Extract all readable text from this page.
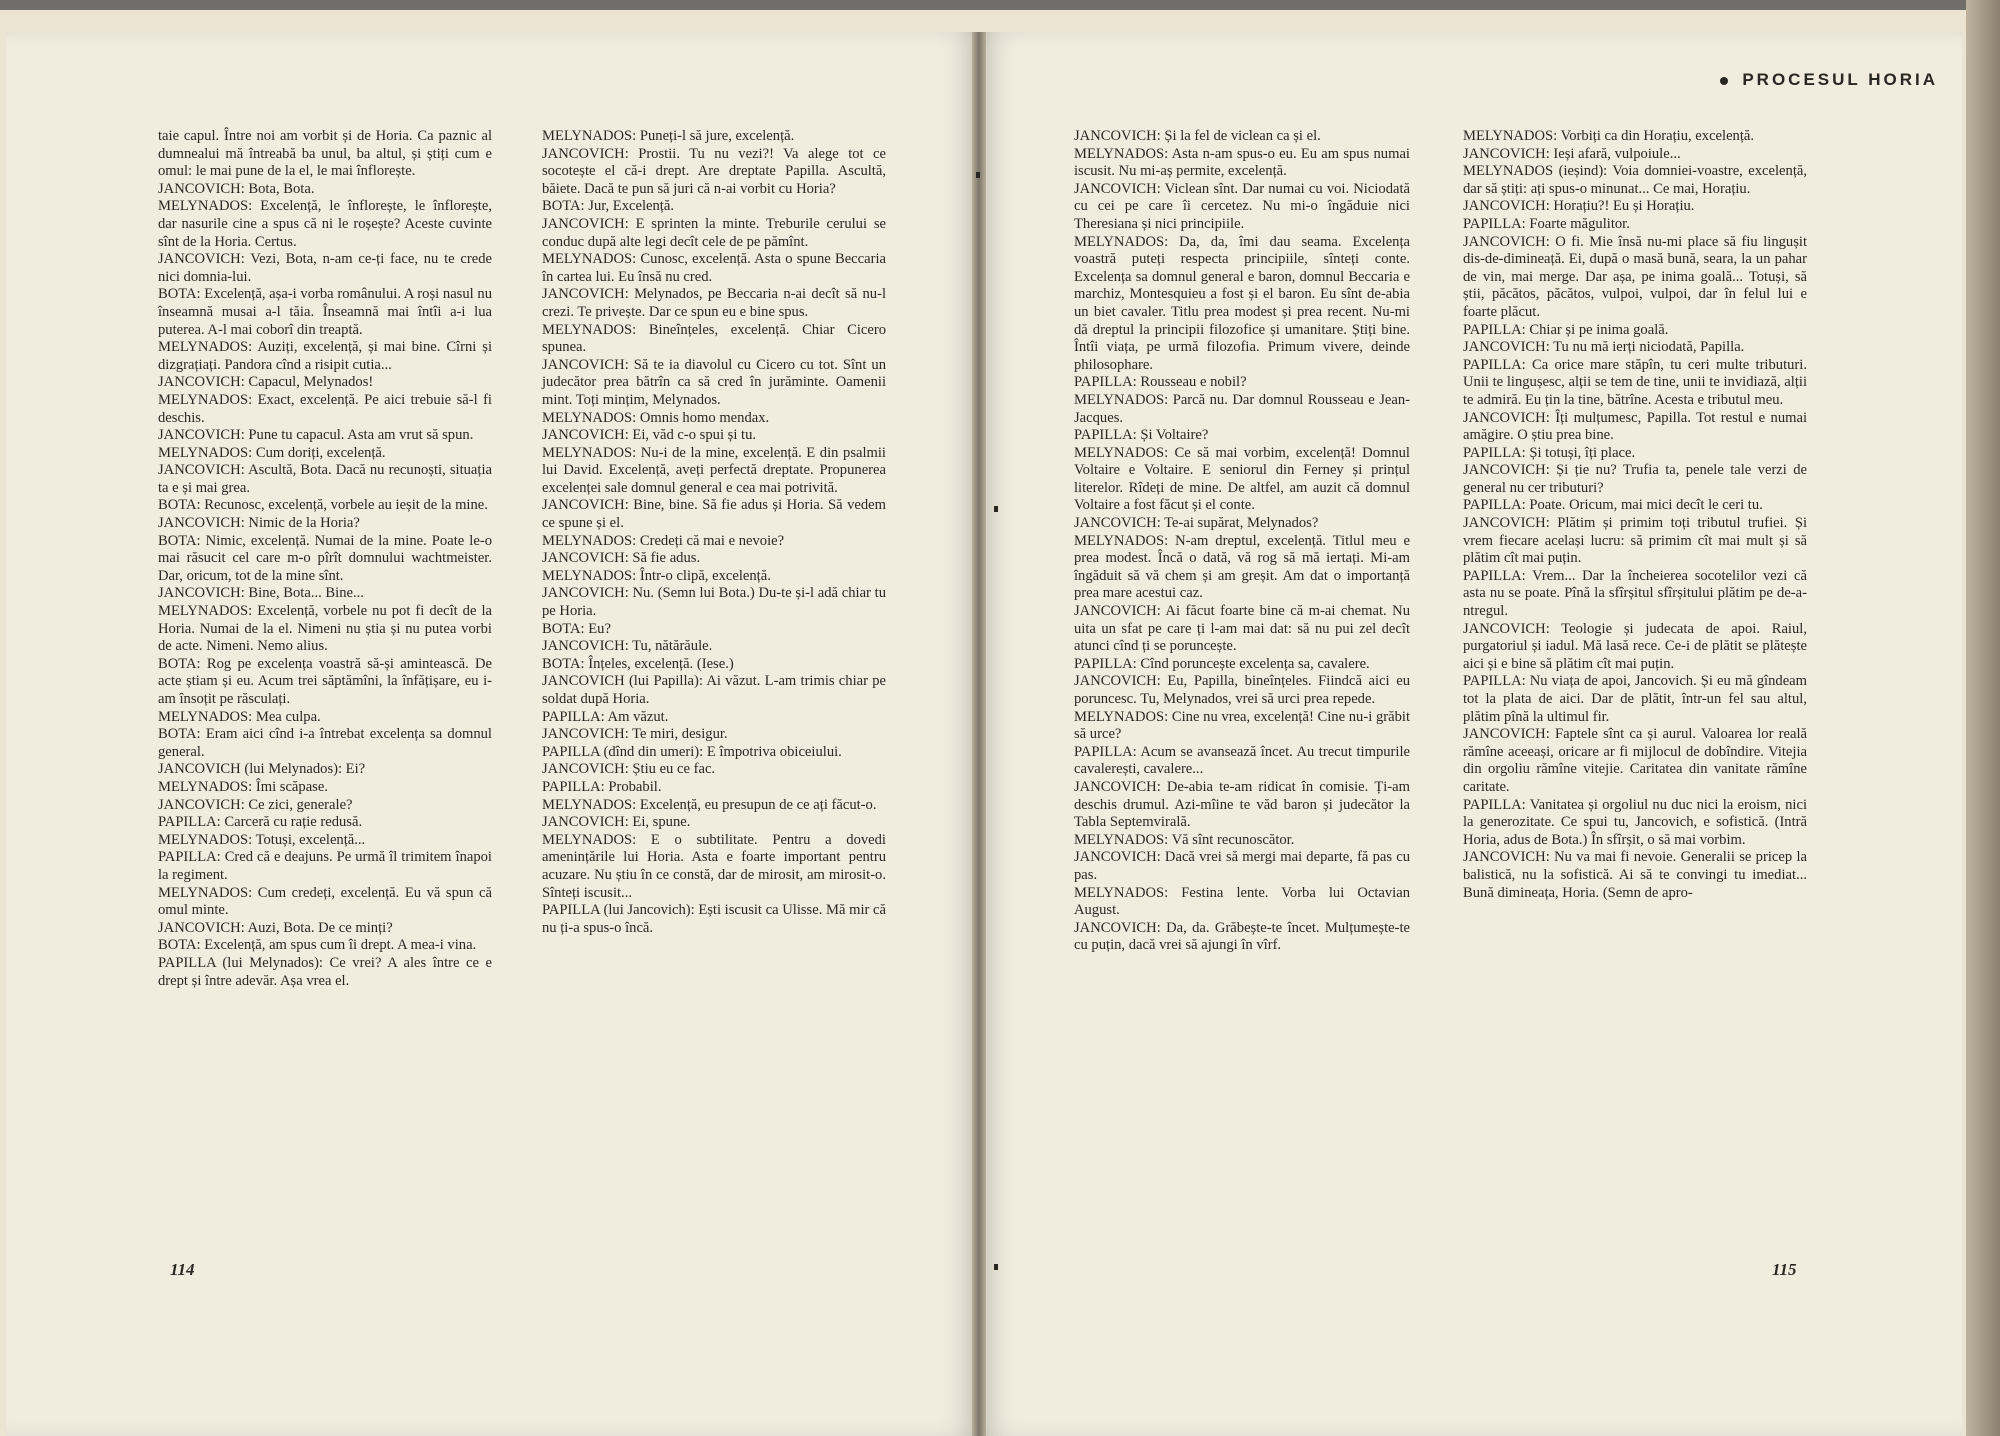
PROCESUL HORIA

taie capul. Între noi am vorbit și de Horia. Ca paznic al dumnealui mă întreabă ba unul, ba altul, și știți cum e omul: le mai pune de la el, le mai înflorește.

JANCOVICH: Bota, Bota.

MELYNADOS: Excelență, le înflorește, le înflorește, dar nasurile cine a spus că ni le roșește? Aceste cuvinte sînt de la Horia. Certus.

JANCOVICH: Vezi, Bota, n-am ce-ți face, nu te crede nici domnia-lui.

BOTA: Excelență, așa-i vorba românului. A roși nasul nu înseamnă musai a-l tăia. Înseamnă mai întîi a-i lua puterea. A-l mai coborî din treaptă.

MELYNADOS: Auziți, excelență, și mai bine. Cîrni și dizgrațiați. Pandora cînd a risipit cutia...

JANCOVICH: Capacul, Melynados!

MELYNADOS: Exact, excelență. Pe aici trebuie să-l fi deschis.

JANCOVICH: Pune tu capacul. Asta am vrut să spun.

MELYNADOS: Cum doriți, excelență.

JANCOVICH: Ascultă, Bota. Dacă nu recunoști, situația ta e și mai grea.

BOTA: Recunosc, excelență, vorbele au ieșit de la mine.

JANCOVICH: Nimic de la Horia?

BOTA: Nimic, excelență. Numai de la mine. Poate le-o mai răsucit cel care m-o pîrît domnului wachtmeister. Dar, oricum, tot de la mine sînt.

JANCOVICH: Bine, Bota... Bine...

MELYNADOS: Excelență, vorbele nu pot fi decît de la Horia. Numai de la el. Nimeni nu știa și nu putea vorbi de acte. Nimeni. Nemo alius.

BOTA: Rog pe excelența voastră să-și amintească. De acte știam și eu. Acum trei săptămîni, la înfățișare, eu i-am însoțit pe răsculați.

MELYNADOS: Mea culpa.

BOTA: Eram aici cînd i-a întrebat excelența sa domnul general.

JANCOVICH (lui Melynados): Ei?

MELYNADOS: Îmi scăpase.

JANCOVICH: Ce zici, generale?

PAPILLA: Carceră cu rație redusă.

MELYNADOS: Totuși, excelență...

PAPILLA: Cred că e deajuns. Pe urmă îl trimitem înapoi la regiment.

MELYNADOS: Cum credeți, excelență. Eu vă spun că omul minte.

JANCOVICH: Auzi, Bota. De ce minți?

BOTA: Excelență, am spus cum îi drept. A mea-i vina.

PAPILLA (lui Melynados): Ce vrei? A ales între ce e drept și între adevăr. Așa vrea el.

MELYNADOS: Puneți-l să jure, excelență.

JANCOVICH: Prostii. Tu nu vezi?! Va alege tot ce socotește el că-i drept. Are dreptate Papilla. Ascultă, băiete. Dacă te pun să juri că n-ai vorbit cu Horia?

BOTA: Jur, Excelență.

JANCOVICH: E sprinten la minte. Treburile cerului se conduc după alte legi decît cele de pe pămînt.

MELYNADOS: Cunosc, excelență. Asta o spune Beccaria în cartea lui. Eu însă nu cred.

JANCOVICH: Melynados, pe Beccaria n-ai decît să nu-l crezi. Te privește. Dar ce spun eu e bine spus.

MELYNADOS: Bineînțeles, excelență. Chiar Cicero spunea.

JANCOVICH: Să te ia diavolul cu Cicero cu tot. Sînt un judecător prea bătrîn ca să cred în jurăminte. Oamenii mint. Toți mințim, Melynados.

MELYNADOS: Omnis homo mendax.

JANCOVICH: Ei, văd c-o spui și tu.

MELYNADOS: Nu-i de la mine, excelență. E din psalmii lui David. Excelență, aveți perfectă dreptate. Propunerea excelenței sale domnul general e cea mai potrivită.

JANCOVICH: Bine, bine. Să fie adus și Horia. Să vedem ce spune și el.

MELYNADOS: Credeți că mai e nevoie?

JANCOVICH: Să fie adus.

MELYNADOS: Într-o clipă, excelență.

JANCOVICH: Nu. (Semn lui Bota.) Du-te și-l adă chiar tu pe Horia.

BOTA: Eu?

JANCOVICH: Tu, nătărăule.

BOTA: Înțeles, excelență. (Iese.)

JANCOVICH (lui Papilla): Ai văzut. L-am trimis chiar pe soldat după Horia.

PAPILLA: Am văzut.

JANCOVICH: Te miri, desigur.

PAPILLA (dînd din umeri): E împotriva obiceiului.

JANCOVICH: Știu eu ce fac.

PAPILLA: Probabil.

MELYNADOS: Excelență, eu presupun de ce ați făcut-o.

JANCOVICH: Ei, spune.

MELYNADOS: E o subtilitate. Pentru a dovedi amenințările lui Horia. Asta e foarte important pentru acuzare. Nu știu în ce constă, dar de mirosit, am mirosit-o. Sînteți iscusit...

PAPILLA (lui Jancovich): Ești iscusit ca Ulisse. Mă mir că nu ți-a spus-o încă.

JANCOVICH: Și la fel de viclean ca și el.

MELYNADOS: Asta n-am spus-o eu. Eu am spus numai iscusit. Nu mi-aș permite, excelență.

JANCOVICH: Viclean sînt. Dar numai cu voi. Niciodată cu cei pe care îi cercetez. Nu mi-o îngăduie nici Theresiana și nici principiile.

MELYNADOS: Da, da, îmi dau seama. Excelența voastră puteți respecta principiile, sînteți conte. Excelența sa domnul general e baron, domnul Beccaria e marchiz, Montesquieu a fost și el baron. Eu sînt de-abia un biet cavaler. Titlu prea modest și prea recent. Nu-mi dă dreptul la principii filozofice și umanitare. Știți bine. Întîi viața, pe urmă filozofia. Primum vivere, deinde philosophare.

PAPILLA: Rousseau e nobil?

MELYNADOS: Parcă nu. Dar domnul Rousseau e Jean-Jacques.

PAPILLA: Și Voltaire?

MELYNADOS: Ce să mai vorbim, excelență! Domnul Voltaire e Voltaire. E seniorul din Ferney și prințul literelor. Rîdeți de mine. De altfel, am auzit că domnul Voltaire a fost făcut și el conte.

JANCOVICH: Te-ai supărat, Melynados?

MELYNADOS: N-am dreptul, excelență. Titlul meu e prea modest. Încă o dată, vă rog să mă iertați. Mi-am îngăduit să vă chem și am greșit. Am dat o importanță prea mare acestui caz.

JANCOVICH: Ai făcut foarte bine că m-ai chemat. Nu uita un sfat pe care ți l-am mai dat: să nu pui zel decît atunci cînd ți se poruncește.

PAPILLA: Cînd poruncește excelența sa, cavalere.

JANCOVICH: Eu, Papilla, bineînțeles. Fiindcă aici eu poruncesc. Tu, Melynados, vrei să urci prea repede.

MELYNADOS: Cine nu vrea, excelență! Cine nu-i grăbit să urce?

PAPILLA: Acum se avansează încet. Au trecut timpurile cavalerești, cavalere...

JANCOVICH: De-abia te-am ridicat în comisie. Ți-am deschis drumul. Azi-mîine te văd baron și judecător la Tabla Septemvirală.

MELYNADOS: Vă sînt recunoscător.

JANCOVICH: Dacă vrei să mergi mai departe, fă pas cu pas.

MELYNADOS: Festina lente. Vorba lui Octavian August.

JANCOVICH: Da, da. Grăbește-te încet. Mulțumește-te cu puțin, dacă vrei să ajungi în vîrf.

MELYNADOS: Vorbiți ca din Horațiu, excelență.

JANCOVICH: Ieși afară, vulpoiule...

MELYNADOS (ieșind): Voia domniei-voastre, excelență, dar să știți: ați spus-o minunat... Ce mai, Horațiu.

JANCOVICH: Horațiu?! Eu și Horațiu.

PAPILLA: Foarte măgulitor.

JANCOVICH: O fi. Mie însă nu-mi place să fiu lingușit dis-de-dimineață. Ei, după o masă bună, seara, la un pahar de vin, mai merge. Dar așa, pe inima goală... Totuși, să știi, păcătos, păcătos, vulpoi, vulpoi, dar în felul lui e foarte plăcut.

PAPILLA: Chiar și pe inima goală.

JANCOVICH: Tu nu mă ierți niciodată, Papilla.

PAPILLA: Ca orice mare stăpîn, tu ceri multe tributuri. Unii te lingușesc, alții se tem de tine, unii te invidiază, alții te admiră. Eu țin la tine, bătrîne. Acesta e tributul meu.

JANCOVICH: Îți mulțumesc, Papilla. Tot restul e numai amăgire. O știu prea bine.

PAPILLA: Și totuși, îți place.

JANCOVICH: Și ție nu? Trufia ta, penele tale verzi de general nu cer tributuri?

PAPILLA: Poate. Oricum, mai mici decît le ceri tu.

JANCOVICH: Plătim și primim toți tributul trufiei. Și vrem fiecare același lucru: să primim cît mai mult și să plătim cît mai puțin.

PAPILLA: Vrem... Dar la încheierea socotelilor vezi că asta nu se poate. Pînă la sfîrșitul sfîrșitului plătim pe de-a-ntregul.

JANCOVICH: Teologie și judecata de apoi. Raiul, purgatoriul și iadul. Mă lasă rece. Ce-i de plătit se plătește aici și e bine să plătim cît mai puțin.

PAPILLA: Nu viața de apoi, Jancovich. Și eu mă gîndeam tot la plata de aici. Dar de plătit, într-un fel sau altul, plătim pînă la ultimul fir.

JANCOVICH: Faptele sînt ca și aurul. Valoarea lor reală rămîne aceeași, oricare ar fi mijlocul de dobîndire. Vitejia din orgoliu rămîne vitejie. Caritatea din vanitate rămîne caritate.

PAPILLA: Vanitatea și orgoliul nu duc nici la eroism, nici la generozitate. Ce spui tu, Jancovich, e sofistică. (Intră Horia, adus de Bota.) În sfîrșit, o să mai vorbim.

JANCOVICH: Nu va mai fi nevoie. Generalii se pricep la balistică, nu la sofistică. Ai să te convingi tu imediat... Bună dimineața, Horia. (Semn de apro-

114	115
